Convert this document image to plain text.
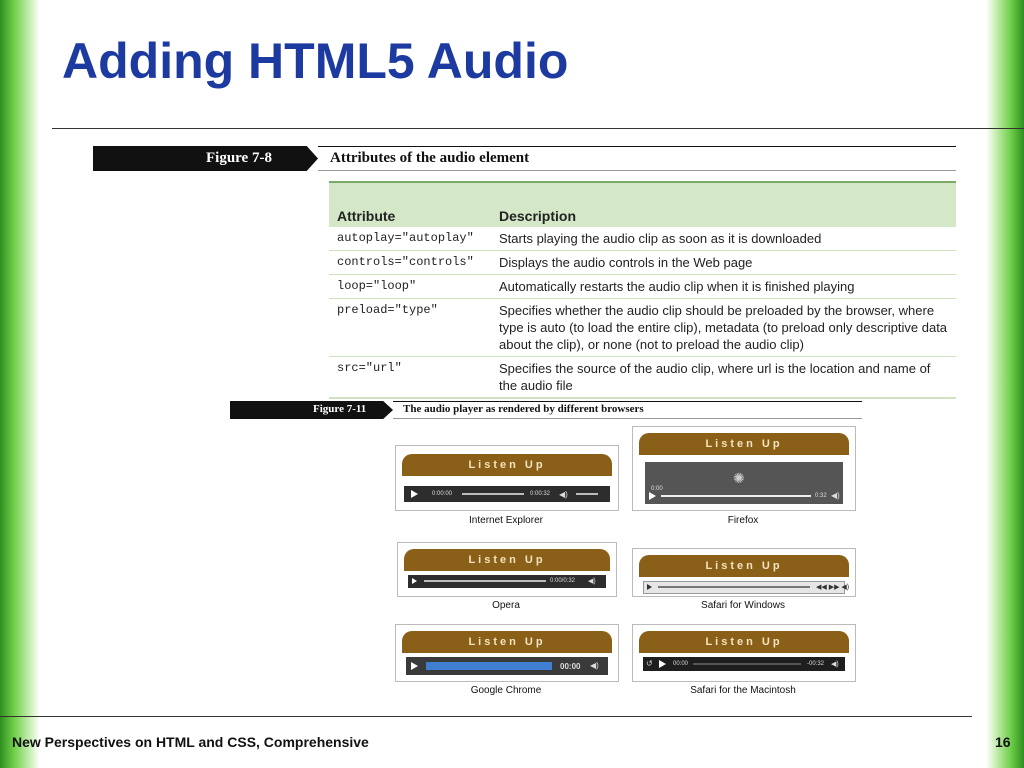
Adding HTML5 Audio
Figure 7-8	Attributes of the audio element
Attribute	Description
autoplay="autoplay"	Starts playing the audio clip as soon as it is downloaded
controls="controls"	Displays the audio controls in the Web page
loop="loop"	Automatically restarts the audio clip when it is finished playing
preload="type"	Specifies whether the audio clip should be preloaded by the browser, where type is auto (to load the entire clip), metadata (to preload only descriptive data about the clip), or none (not to preload the audio clip)
src="url"	Specifies the source of the audio clip, where url is the location and name of the audio file
Figure 7-11	The audio player as rendered by different browsers
Listen Up
0:00:00	0:00:32 ◀)
Internet Explorer
Listen Up
✺
0:00
0:32 ◀)
Firefox
Listen Up
0:00/0:32 ◀)
Opera
Listen Up
◀◀ ▶▶ ◀)
Safari for Windows
Listen Up
00:00 ◀)
Google Chrome
Listen Up
↺	00:00	-00:32 ◀)
Safari for the Macintosh
New Perspectives on HTML and CSS, Comprehensive	16
